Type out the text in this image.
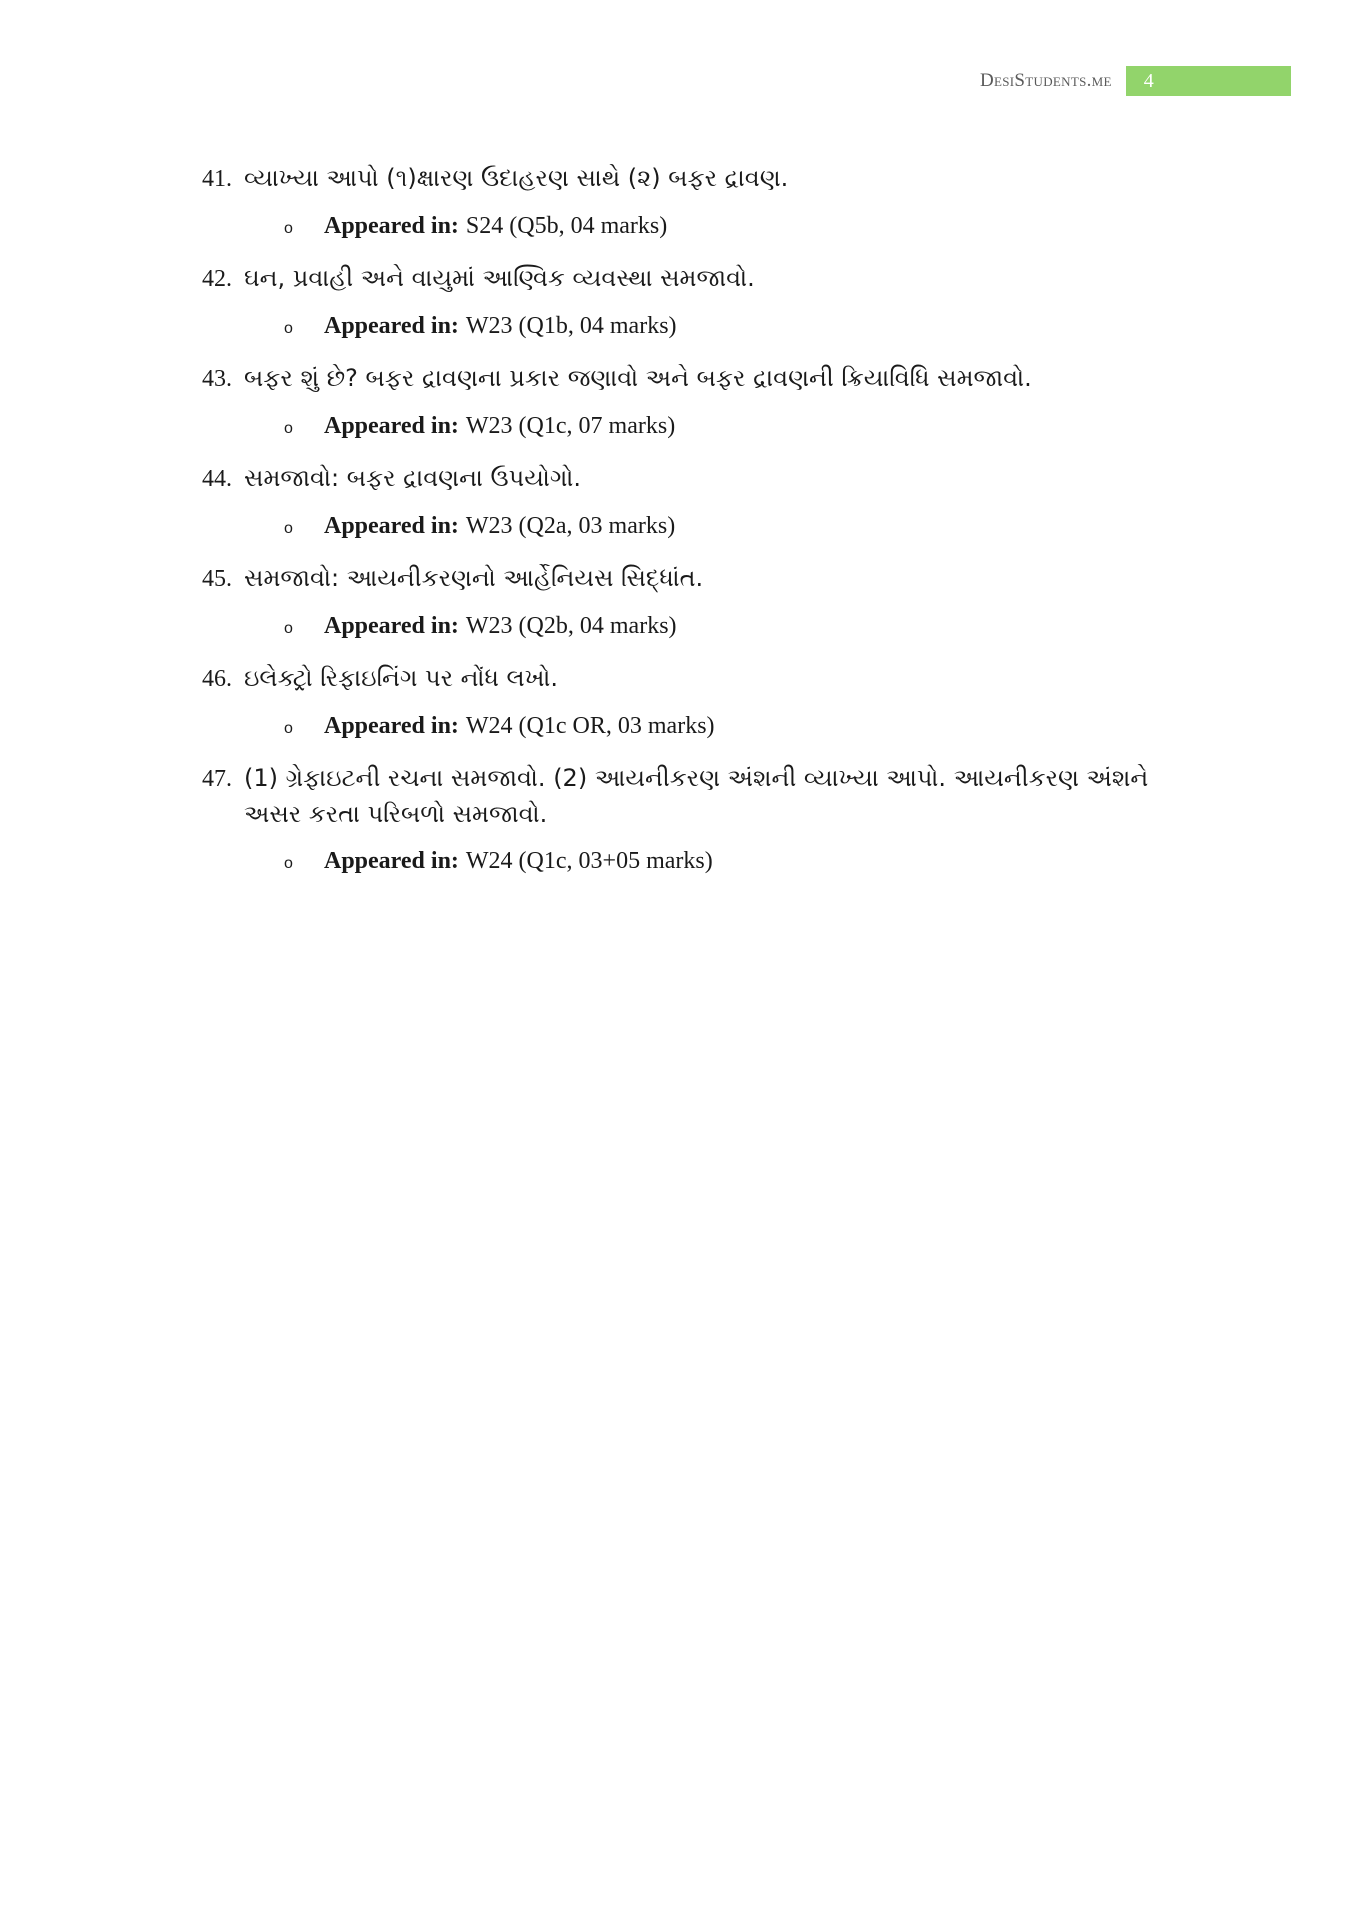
DesiStudents.me	4
41. વ્યાખ્યા આપો (૧)ક્ષારણ ઉદાહરણ સાથે (૨) બફર દ્રાવણ.
o	Appeared in: S24 (Q5b, 04 marks)
42. ઘન, પ્રવાહી અને વાયુમાં આણ્વિક વ્યવસ્થા સમજાવો.
o	Appeared in: W23 (Q1b, 04 marks)
43. બફર શું છે? બફર દ્રાવણના પ્રકાર જણાવો અને બફર દ્રાવણની ક્રિયાવિધિ સમજાવો.
o	Appeared in: W23 (Q1c, 07 marks)
44. સમજાવો: બફર દ્રાવણના ઉપયોગો.
o	Appeared in: W23 (Q2a, 03 marks)
45. સમજાવો: આયનીકરણનો આર્હેનિયસ સિદ્ધાંત.
o	Appeared in: W23 (Q2b, 04 marks)
46. ઇલેક્ટ્રો રિફાઇનિંગ પર નોંધ લખો.
o	Appeared in: W24 (Q1c OR, 03 marks)
47. (1) ગ્રેફાઇટની રચના સમજાવો. (2) આયનીકરણ અંશની વ્યાખ્યા આપો. આયનીકરણ અંશને અસર કરતા પરિબળો સમજાવો.
o	Appeared in: W24 (Q1c, 03+05 marks)
